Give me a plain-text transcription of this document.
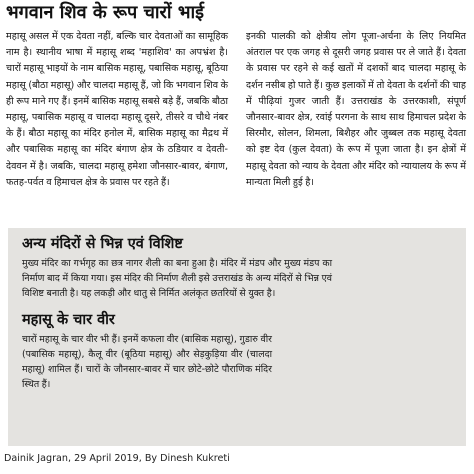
भगवान शिव के रूप चारों भाई

महासू असल में एक देवता नहीं, बल्कि चार देवताओं का सामूहिक नाम है। स्थानीय भाषा में महासू शब्द 'महाशिव' का अपभ्रंश है। चारों महासू भाइयों के नाम बासिक महासू, पबासिक महासू, बूठिया महासू (बौठा महासू) और चालदा महासू हैं, जो कि भगवान शिव के ही रूप माने गए हैं। इनमें बासिक महासू सबसे बड़े हैं, जबकि बौठा महासू, पबासिक महासू व चालदा महासू दूसरे, तीसरे व चौथे नंबर के हैं। बौठा महासू का मंदिर हनोल में, बासिक महासू का मैद्रथ में और पबासिक महासू का मंदिर बंगाण क्षेत्र के ठडियार व देवती-देववन में है। जबकि, चालदा महासू हमेशा जौनसार-बावर, बंगाण, फतह-पर्वत व हिमाचल क्षेत्र के प्रवास पर रहते हैं।

इनकी पालकी को क्षेत्रीय लोग पूजा-अर्चना के लिए नियमित अंतराल पर एक जगह से दूसरी जगह प्रवास पर ले जाते हैं। देवता के प्रवास पर रहने से कई खतों में दशकों बाद चालदा महासू के दर्शन नसीब हो पाते हैं। कुछ इलाकों में तो देवता के दर्शनों की चाह में पीढ़ियां गुजर जाती हैं। उत्तराखंड के उत्तरकाशी, संपूर्ण जौनसार-बावर क्षेत्र, रवांई परगना के साथ साथ हिमाचल प्रदेश के सिरमौर, सोलन, शिमला, बिशैहर और जुब्बल तक महासू देवता को इष्ट देव (कुल देवता) के रूप में पूजा जाता है। इन क्षेत्रों में महासू देवता को न्याय के देवता और मंदिर को न्यायालय के रूप में मान्यता मिली हुई है।

अन्य मंदिरों से भिन्न एवं विशिष्ट

मुख्य मंदिर का गर्भगृह का छत्र नागर शैली का बना हुआ है। मंदिर में मंडप और मुख्य मंडप का निर्माण बाद में किया गया। इस मंदिर की निर्माण शैली इसे उत्तराखंड के अन्य मंदिरों से भिन्न एवं विशिष्ट बनाती है। यह लकड़ी और धातु से निर्मित अलंकृत छतरियों से युक्त है।

महासू के चार वीर

चारों महासू के चार वीर भी हैं। इनमें कफला वीर (बासिक महासू), गुडारु वीर (पबासिक महासू), कैलू वीर (बूठिया महासू) और सेड़कुड़िया वीर (चालदा महासू) शामिल हैं। चारों के जौनसार-बावर में चार छोटे-छोटे पौराणिक मंदिर स्थित हैं।

Dainik Jagran, 29 April 2019, By Dinesh Kukreti
